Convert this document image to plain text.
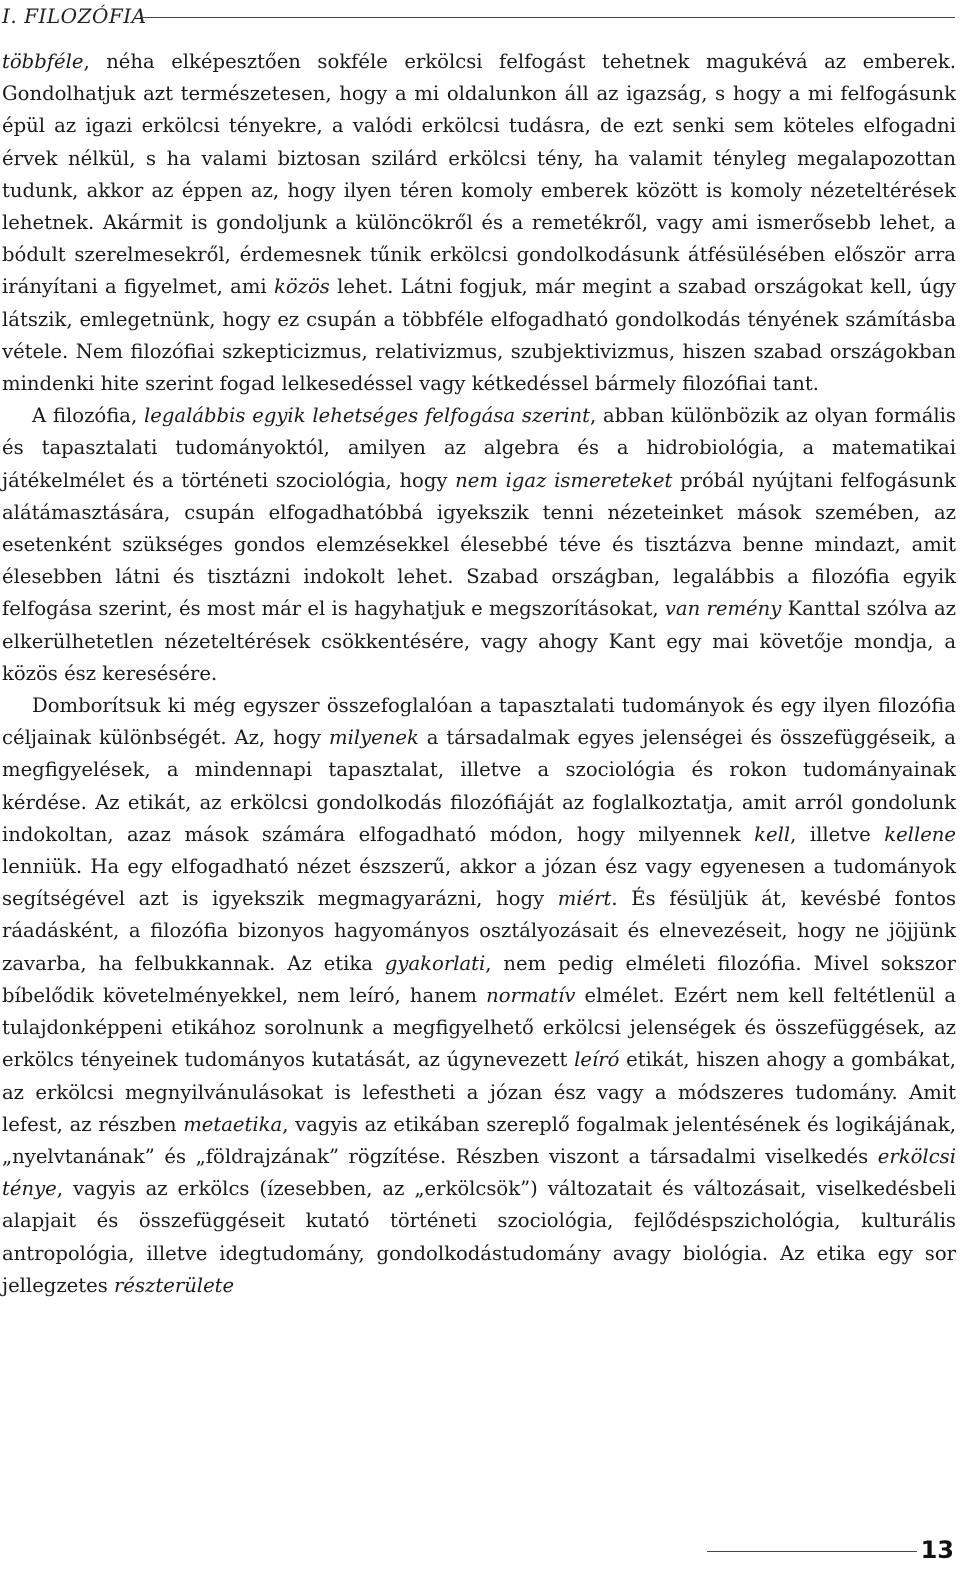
I. FILOZÓFIA

többféle, néha elképesztően sokféle erkölcsi felfogást tehetnek magukévá az emberek. Gondolhatjuk azt természetesen, hogy a mi oldalunkon áll az igazság, s hogy a mi felfogásunk épül az igazi erkölcsi tényekre, a valódi erkölcsi tudásra, de ezt senki sem köteles elfogadni érvek nélkül, s ha valami biztosan szilárd erkölcsi tény, ha valamit tényleg megalapozottan tudunk, akkor az éppen az, hogy ilyen téren komoly emberek között is komoly nézeteltérések lehetnek. Akármit is gondoljunk a különcökről és a remetékről, vagy ami ismerősebb lehet, a bódult szerelmesekről, érdemesnek tűnik erkölcsi gondolkodásunk átfésülésében először arra irányítani a figyelmet, ami közös lehet. Látni fogjuk, már megint a szabad országokat kell, úgy látszik, emlegetnünk, hogy ez csupán a többféle elfogadható gondolkodás tényének számításba vétele. Nem filozófiai szkepticizmus, relativizmus, szubjektivizmus, hiszen szabad országokban mindenki hite szerint fogad lelkesedéssel vagy kétkedéssel bármely filozófiai tant.

A filozófia, legalábbis egyik lehetséges felfogása szerint, abban különbözik az olyan formális és tapasztalati tudományoktól, amilyen az algebra és a hidrobiológia, a matematikai játékelmélet és a történeti szociológia, hogy nem igaz ismereteket próbál nyújtani felfogásunk alátámasztására, csupán elfogadhatóbbá igyekszik tenni nézeteinket mások szemében, az esetenként szükséges gondos elemzésekkel élesebbé téve és tisztázva benne mindazt, amit élesebben látni és tisztázni indokolt lehet. Szabad országban, legalábbis a filozófia egyik felfogása szerint, és most már el is hagyhatjuk e megszorításokat, van remény Kanttal szólva az elkerülhetetlen nézeteltérések csökkentésére, vagy ahogy Kant egy mai követője mondja, a közös ész keresésére.

Domborítsuk ki még egyszer összefoglalóan a tapasztalati tudományok és egy ilyen filozófia céljainak különbségét. Az, hogy milyenek a társadalmak egyes jelenségei és összefüggéseik, a megfigyelések, a mindennapi tapasztalat, illetve a szociológia és rokon tudományainak kérdése. Az etikát, az erkölcsi gondolkodás filozófiáját az foglalkoztatja, amit arról gondolunk indokoltan, azaz mások számára elfogadható módon, hogy milyennek kell, illetve kellene lenniük. Ha egy elfogadható nézet észszerű, akkor a józan ész vagy egyenesen a tudományok segítségével azt is igyekszik megmagyarázni, hogy miért. És fésüljük át, kevésbé fontos ráadásként, a filozófia bizonyos hagyományos osztályozásait és elnevezéseit, hogy ne jöjjünk zavarba, ha felbukkannak. Az etika gyakorlati, nem pedig elméleti filozófia. Mivel sokszor bíbelődik követelményekkel, nem leíró, hanem normatív elmélet. Ezért nem kell feltétlenül a tulajdonképpeni etikához sorolnunk a megfigyelhető erkölcsi jelenségek és összefüggések, az erkölcs tényeinek tudományos kutatását, az úgynevezett leíró etikát, hiszen ahogy a gombákat, az erkölcsi megnyilvánulásokat is lefestheti a józan ész vagy a módszeres tudomány. Amit lefest, az részben metaetika, vagyis az etikában szereplő fogalmak jelentésének és logikájának, „nyelvtanának” és „földrajzának” rögzítése. Részben viszont a társadalmi viselkedés erkölcsi ténye, vagyis az erkölcs (ízesebben, az „erkölcsök”) változatait és változásait, viselkedésbeli alapjait és összefüggéseit kutató történeti szociológia, fejlődéspszichológia, kulturális antropológia, illetve idegtudomány, gondolkodástudomány avagy biológia. Az etika egy sor jellegzetes részterülete

13
